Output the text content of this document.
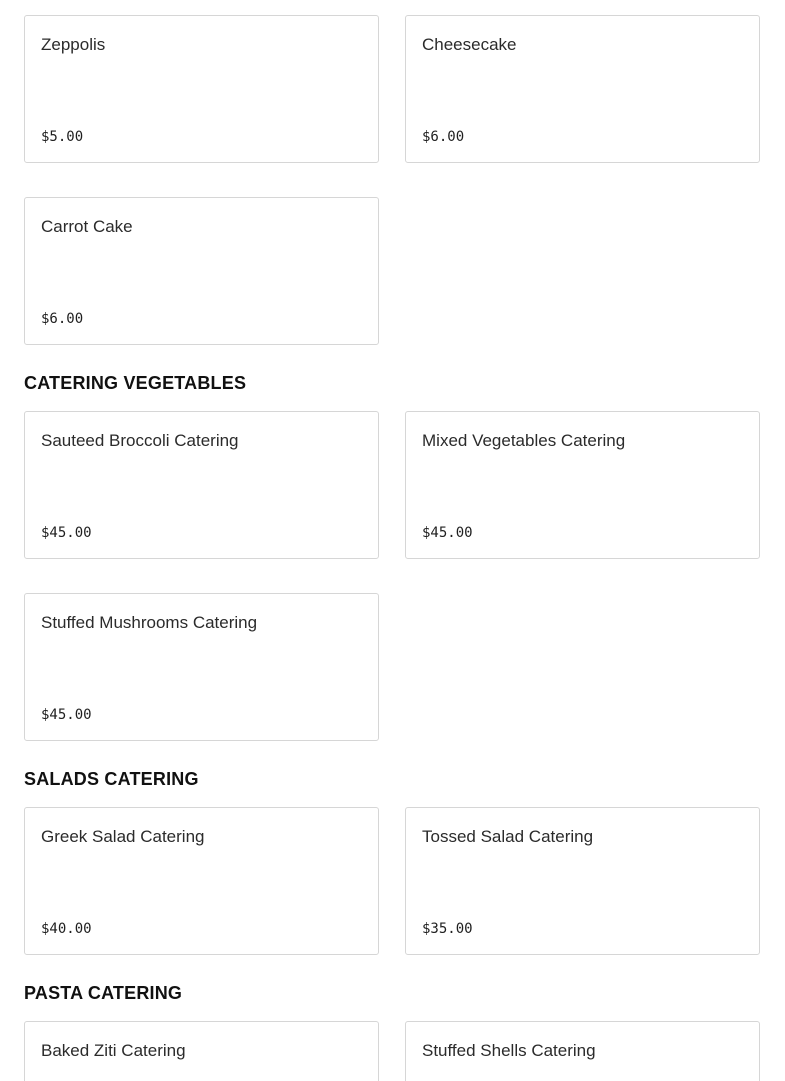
Zeppolis
$5.00
Cheesecake
$6.00
Carrot Cake
$6.00
CATERING VEGETABLES
Sauteed Broccoli Catering
$45.00
Mixed Vegetables Catering
$45.00
Stuffed Mushrooms Catering
$45.00
SALADS CATERING
Greek Salad Catering
$40.00
Tossed Salad Catering
$35.00
PASTA CATERING
Baked Ziti Catering	Stuffed Shells Catering
